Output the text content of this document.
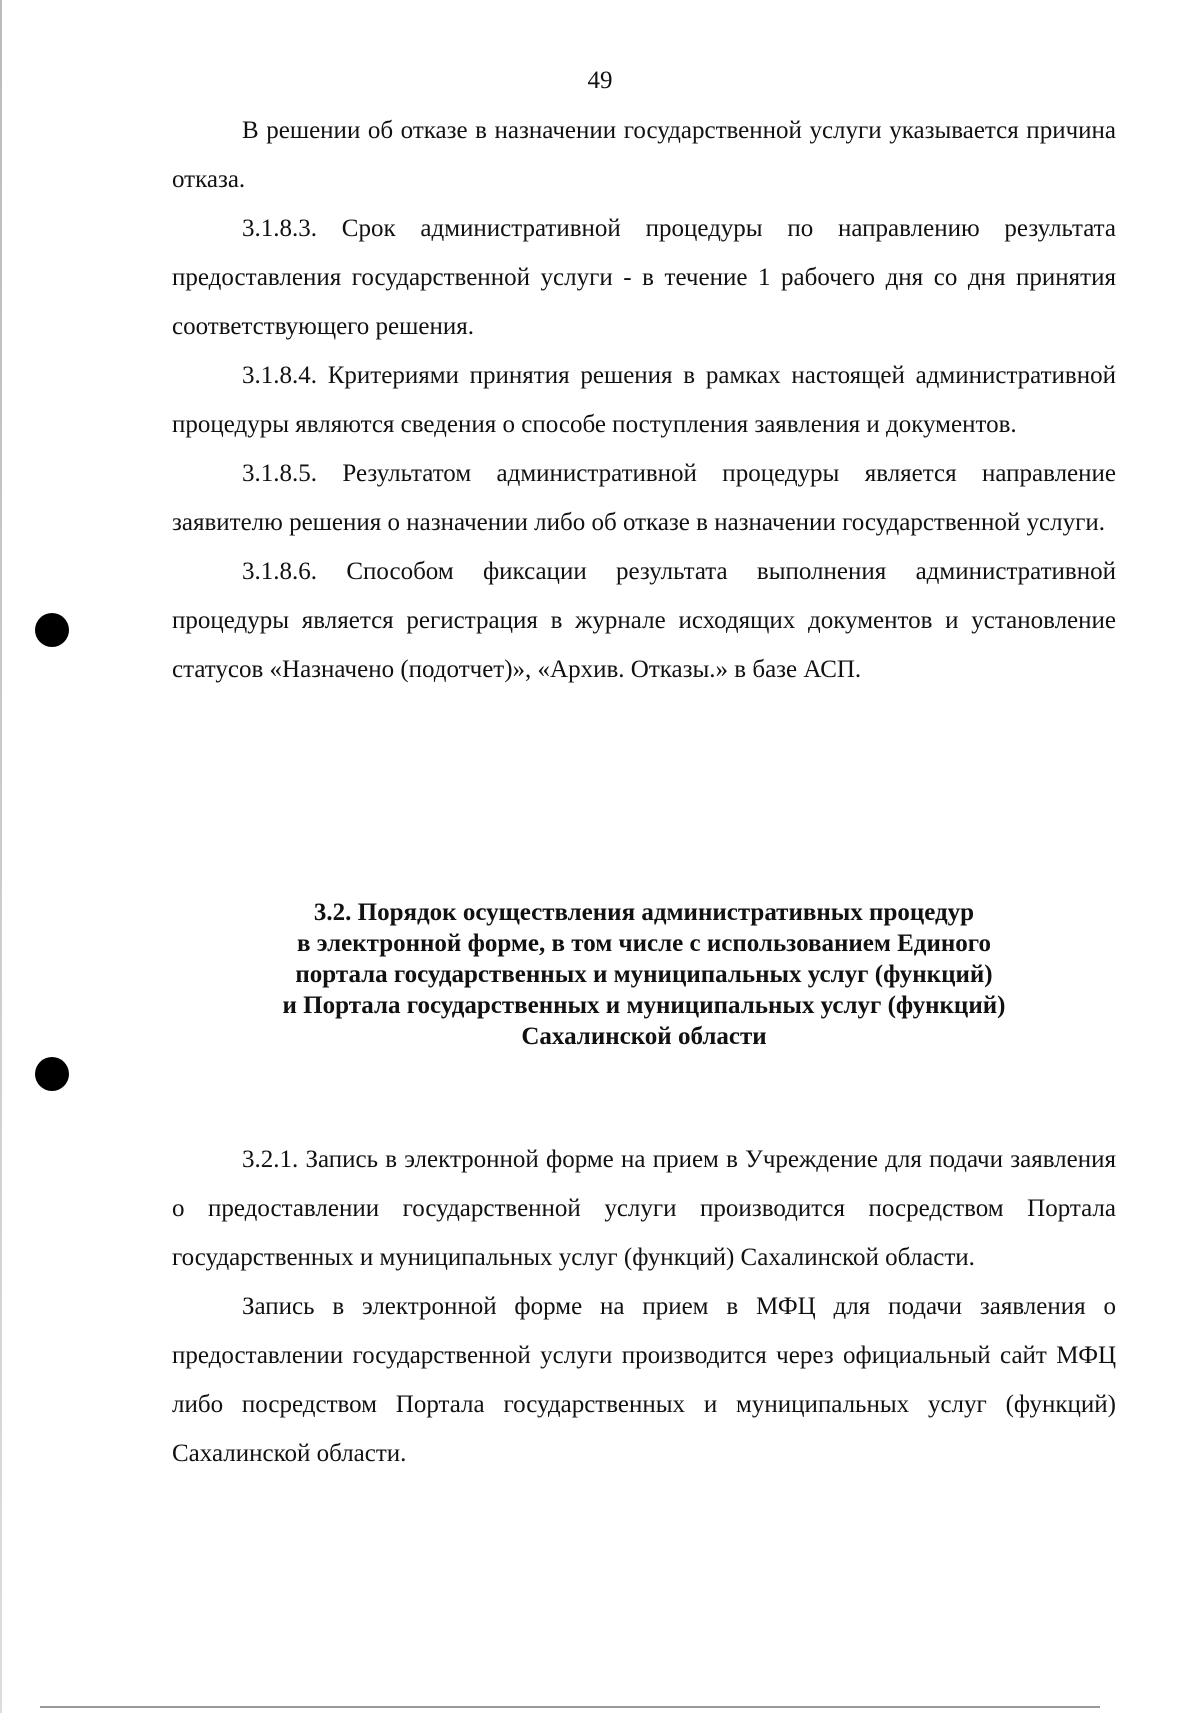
49

В решении об отказе в назначении государственной услуги указывается причина отказа.

3.1.8.3. Срок административной процедуры по направлению результата предоставления государственной услуги - в течение 1 рабочего дня со дня принятия соответствующего решения.

3.1.8.4. Критериями принятия решения в рамках настоящей административной процедуры являются сведения о способе поступления заявления и документов.

3.1.8.5. Результатом административной процедуры является направление заявителю решения о назначении либо об отказе в назначении государственной услуги.

3.1.8.6. Способом фиксации результата выполнения административной процедуры является регистрация в журнале исходящих документов и установление статусов «Назначено (подотчет)», «Архив. Отказы.» в базе АСП.

3.2. Порядок осуществления административных процедур
в электронной форме, в том числе с использованием Единого
портала государственных и муниципальных услуг (функций)
и Портала государственных и муниципальных услуг (функций)
Сахалинской области

3.2.1. Запись в электронной форме на прием в Учреждение для подачи заявления о предоставлении государственной услуги производится посредством Портала государственных и муниципальных услуг (функций) Сахалинской области.

Запись в электронной форме на прием в МФЦ для подачи заявления о предоставлении государственной услуги производится через официальный сайт МФЦ либо посредством Портала государственных и муниципальных услуг (функций) Сахалинской области.
